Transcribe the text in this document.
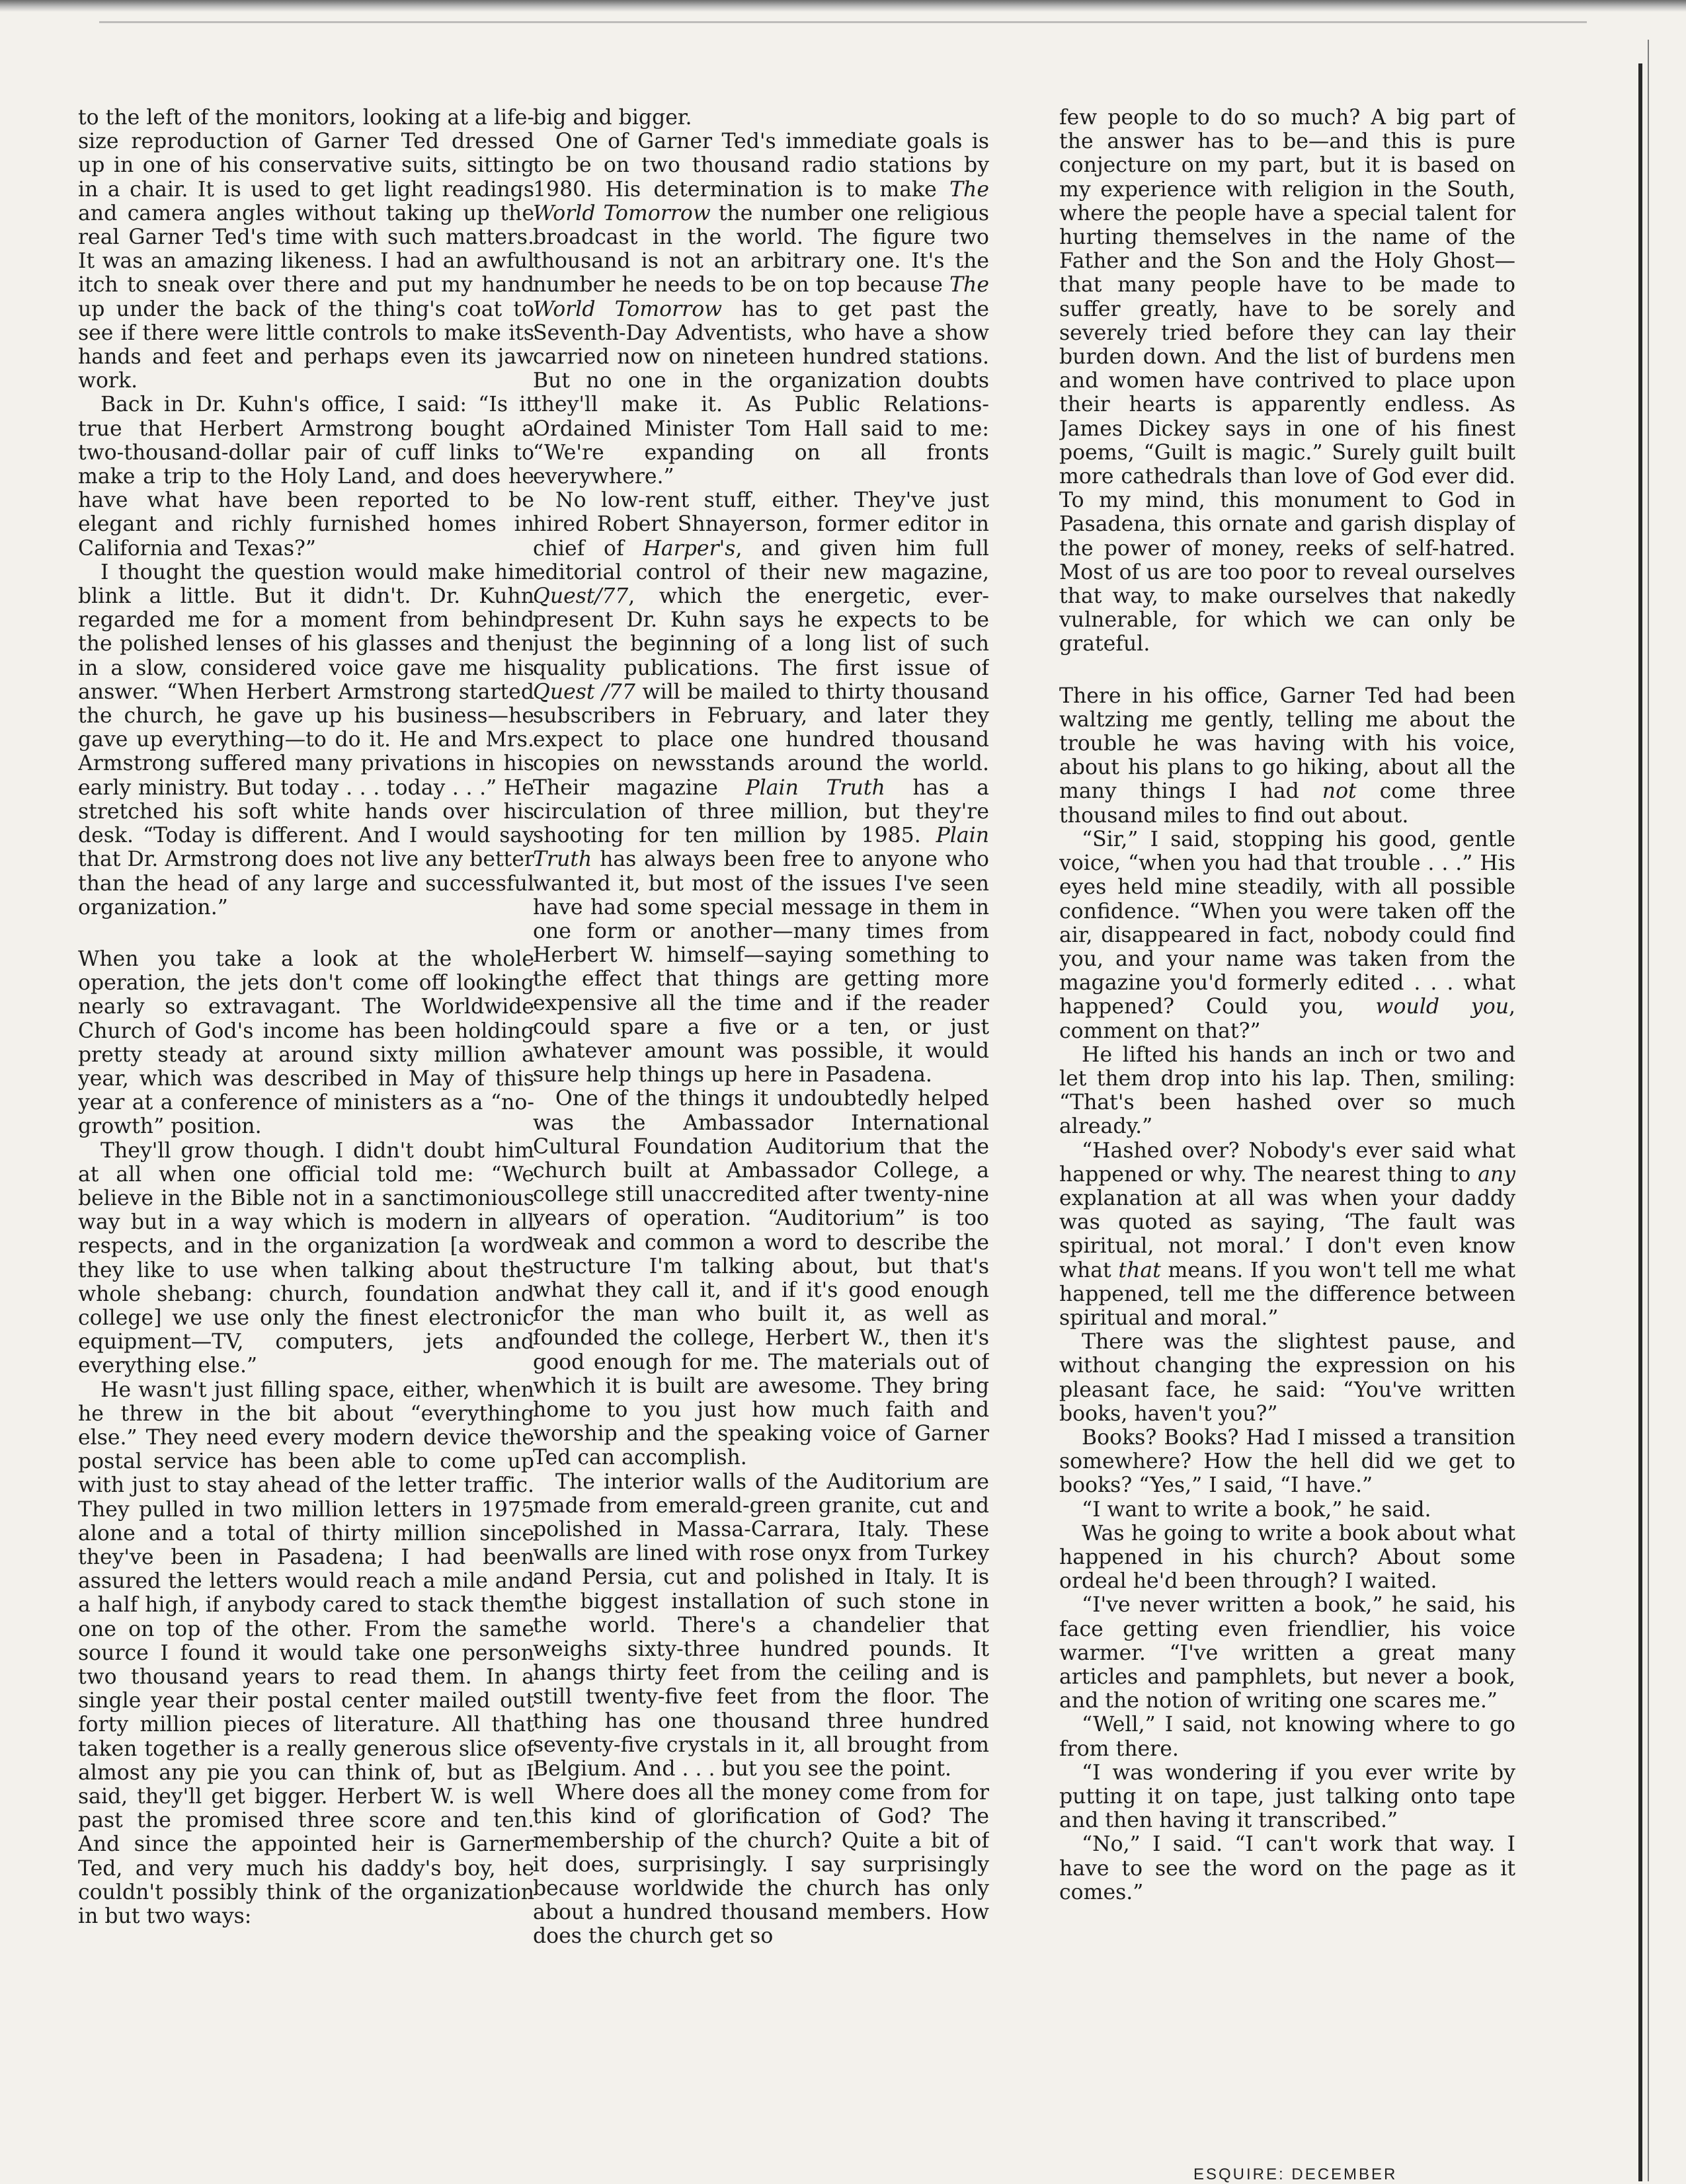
to the left of the monitors, looking at a life-size reproduction of Garner Ted dressed up in one of his conservative suits, sitting in a chair. It is used to get light readings and camera angles without taking up the real Garner Ted's time with such matters. It was an amazing likeness. I had an awful itch to sneak over there and put my hand up under the back of the thing's coat to see if there were little controls to make its hands and feet and perhaps even its jaw work.

Back in Dr. Kuhn's office, I said: “Is it true that Herbert Armstrong bought a two-thousand-dollar pair of cuff links to make a trip to the Holy Land, and does he have what have been reported to be elegant and richly furnished homes in California and Texas?”

I thought the question would make him blink a little. But it didn't. Dr. Kuhn regarded me for a moment from behind the polished lenses of his glasses and then in a slow, considered voice gave me his answer. “When Herbert Armstrong started the church, he gave up his business—he gave up everything—to do it. He and Mrs. Armstrong suffered many privations in his early ministry. But today . . . today . . .” He stretched his soft white hands over his desk. “Today is different. And I would say that Dr. Armstrong does not live any better than the head of any large and successful organization.”

When you take a look at the whole operation, the jets don't come off looking nearly so extravagant. The Worldwide Church of God's income has been holding pretty steady at around sixty million a year, which was described in May of this year at a conference of ministers as a “no-growth” position.

They'll grow though. I didn't doubt him at all when one official told me: “We believe in the Bible not in a sanctimonious way but in a way which is modern in all respects, and in the organization [a word they like to use when talking about the whole shebang: church, foundation and college] we use only the finest electronic equipment—TV, computers, jets and everything else.”

He wasn't just filling space, either, when he threw in the bit about “everything else.” They need every modern device the postal service has been able to come up with just to stay ahead of the letter traffic. They pulled in two million letters in 1975 alone and a total of thirty million since they've been in Pasadena; I had been assured the letters would reach a mile and a half high, if anybody cared to stack them one on top of the other. From the same source I found it would take one person two thousand years to read them. In a single year their postal center mailed out forty million pieces of literature. All that taken together is a really generous slice of almost any pie you can think of, but as I said, they'll get bigger. Herbert W. is well past the promised three score and ten. And since the appointed heir is Garner Ted, and very much his daddy's boy, he couldn't possibly think of the organization in but two ways:

big and bigger.

One of Garner Ted's immediate goals is to be on two thousand radio stations by 1980. His determination is to make The World Tomorrow the number one religious broadcast in the world. The figure two thousand is not an arbitrary one. It's the number he needs to be on top because The World Tomorrow has to get past the Seventh-Day Adventists, who have a show carried now on nineteen hundred stations. But no one in the organization doubts they'll make it. As Public Relations-Ordained Minister Tom Hall said to me: “We're expanding on all fronts everywhere.”

No low-rent stuff, either. They've just hired Robert Shnayerson, former editor in chief of Harper's, and given him full editorial control of their new magazine, Quest/77, which the energetic, ever-present Dr. Kuhn says he expects to be just the beginning of a long list of such quality publications. The first issue of Quest /77 will be mailed to thirty thousand subscribers in February, and later they expect to place one hundred thousand copies on newsstands around the world. Their magazine Plain Truth has a circulation of three million, but they're shooting for ten million by 1985. Plain Truth has always been free to anyone who wanted it, but most of the issues I've seen have had some special message in them in one form or another—many times from Herbert W. himself—saying something to the effect that things are getting more expensive all the time and if the reader could spare a five or a ten, or just whatever amount was possible, it would sure help things up here in Pasadena.

One of the things it undoubtedly helped was the Ambassador International Cultural Foundation Auditorium that the church built at Ambassador College, a college still unaccredited after twenty-nine years of operation. “Auditorium” is too weak and common a word to describe the structure I'm talking about, but that's what they call it, and if it's good enough for the man who built it, as well as founded the college, Herbert W., then it's good enough for me. The materials out of which it is built are awesome. They bring home to you just how much faith and worship and the speaking voice of Garner Ted can accomplish.

The interior walls of the Auditorium are made from emerald-green granite, cut and polished in Massa-Carrara, Italy. These walls are lined with rose onyx from Turkey and Persia, cut and polished in Italy. It is the biggest installation of such stone in the world. There's a chandelier that weighs sixty-three hundred pounds. It hangs thirty feet from the ceiling and is still twenty-five feet from the floor. The thing has one thousand three hundred seventy-five crystals in it, all brought from Belgium. And . . . but you see the point.

Where does all the money come from for this kind of glorification of God? The membership of the church? Quite a bit of it does, surprisingly. I say surprisingly because worldwide the church has only about a hundred thousand members. How does the church get so

few people to do so much? A big part of the answer has to be—and this is pure conjecture on my part, but it is based on my experience with religion in the South, where the people have a special talent for hurting themselves in the name of the Father and the Son and the Holy Ghost—that many people have to be made to suffer greatly, have to be sorely and severely tried before they can lay their burden down. And the list of burdens men and women have contrived to place upon their hearts is apparently endless. As James Dickey says in one of his finest poems, “Guilt is magic.” Surely guilt built more cathedrals than love of God ever did. To my mind, this monument to God in Pasadena, this ornate and garish display of the power of money, reeks of self-hatred. Most of us are too poor to reveal ourselves that way, to make ourselves that nakedly vulnerable, for which we can only be grateful.

There in his office, Garner Ted had been waltzing me gently, telling me about the trouble he was having with his voice, about his plans to go hiking, about all the many things I had not come three thousand miles to find out about.

“Sir,” I said, stopping his good, gentle voice, “when you had that trouble . . .” His eyes held mine steadily, with all possible confidence. “When you were taken off the air, disappeared in fact, nobody could find you, and your name was taken from the magazine you'd formerly edited . . . what happened? Could you, would you, comment on that?”

He lifted his hands an inch or two and let them drop into his lap. Then, smiling: “That's been hashed over so much already.”

“Hashed over? Nobody's ever said what happened or why. The nearest thing to any explanation at all was when your daddy was quoted as saying, ‘The fault was spiritual, not moral.’ I don't even know what that means. If you won't tell me what happened, tell me the difference between spiritual and moral.”

There was the slightest pause, and without changing the expression on his pleasant face, he said: “You've written books, haven't you?”

Books? Books? Had I missed a transition somewhere? How the hell did we get to books? “Yes,” I said, “I have.”

“I want to write a book,” he said.

Was he going to write a book about what happened in his church? About some ordeal he'd been through? I waited.

“I've never written a book,” he said, his face getting even friendlier, his voice warmer. “I've written a great many articles and pamphlets, but never a book, and the notion of writing one scares me.”

“Well,” I said, not knowing where to go from there.

“I was wondering if you ever write by putting it on tape, just talking onto tape and then having it transcribed.”

“No,” I said. “I can't work that way. I have to see the word on the page as it comes.”

ESQUIRE: DECEMBER
